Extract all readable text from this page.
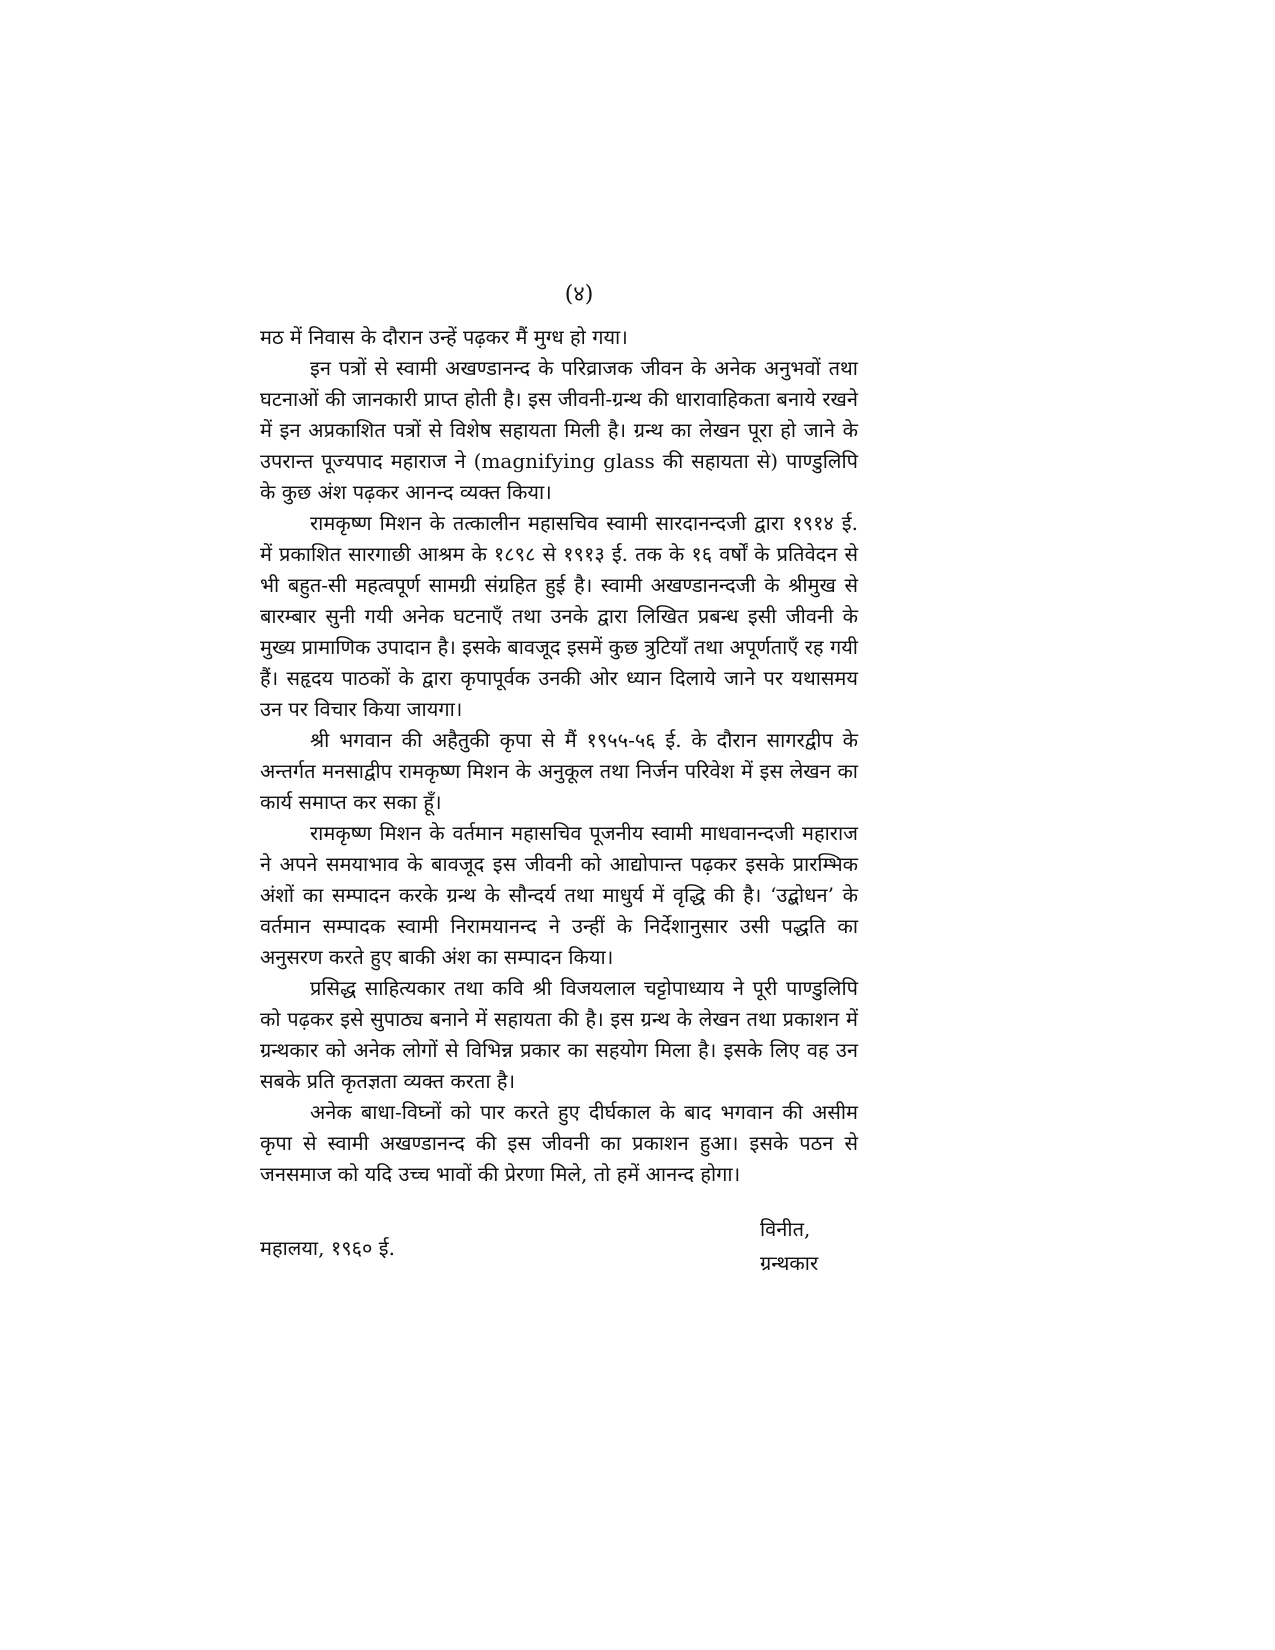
(४)

मठ में निवास के दौरान उन्हें पढ़कर मैं मुग्ध हो गया।

इन पत्रों से स्वामी अखण्डानन्द के परिव्राजक जीवन के अनेक अनुभवों तथा घटनाओं की जानकारी प्राप्त होती है। इस जीवनी-ग्रन्थ की धारावाहिकता बनाये रखने में इन अप्रकाशित पत्रों से विशेष सहायता मिली है। ग्रन्थ का लेखन पूरा हो जाने के उपरान्त पूज्यपाद महाराज ने (magnifying glass की सहायता से) पाण्डुलिपि के कुछ अंश पढ़कर आनन्द व्यक्त किया।

रामकृष्ण मिशन के तत्कालीन महासचिव स्वामी सारदानन्दजी द्वारा १९१४ ई. में प्रकाशित सारगाछी आश्रम के १८९८ से १९१३ ई. तक के १६ वर्षों के प्रतिवेदन से भी बहुत-सी महत्वपूर्ण सामग्री संग्रहित हुई है। स्वामी अखण्डानन्दजी के श्रीमुख से बारम्बार सुनी गयी अनेक घटनाएँ तथा उनके द्वारा लिखित प्रबन्ध इसी जीवनी के मुख्य प्रामाणिक उपादान है। इसके बावजूद इसमें कुछ त्रुटियाँ तथा अपूर्णताएँ रह गयी हैं। सहृदय पाठकों के द्वारा कृपापूर्वक उनकी ओर ध्यान दिलाये जाने पर यथासमय उन पर विचार किया जायगा।

श्री भगवान की अहैतुकी कृपा से मैं १९५५-५६ ई. के दौरान सागरद्वीप के अन्तर्गत मनसाद्वीप रामकृष्ण मिशन के अनुकूल तथा निर्जन परिवेश में इस लेखन का कार्य समाप्त कर सका हूँ।

रामकृष्ण मिशन के वर्तमान महासचिव पूजनीय स्वामी माधवानन्दजी महाराज ने अपने समयाभाव के बावजूद इस जीवनी को आद्योपान्त पढ़कर इसके प्रारम्भिक अंशों का सम्पादन करके ग्रन्थ के सौन्दर्य तथा माधुर्य में वृद्धि की है। ‘उद्बोधन’ के वर्तमान सम्पादक स्वामी निरामयानन्द ने उन्हीं के निर्देशानुसार उसी पद्धति का अनुसरण करते हुए बाकी अंश का सम्पादन किया।

प्रसिद्ध साहित्यकार तथा कवि श्री विजयलाल चट्टोपाध्याय ने पूरी पाण्डुलिपि को पढ़कर इसे सुपाठ्य बनाने में सहायता की है। इस ग्रन्थ के लेखन तथा प्रकाशन में ग्रन्थकार को अनेक लोगों से विभिन्न प्रकार का सहयोग मिला है। इसके लिए वह उन सबके प्रति कृतज्ञता व्यक्त करता है।

अनेक बाधा-विघ्नों को पार करते हुए दीर्घकाल के बाद भगवान की असीम कृपा से स्वामी अखण्डानन्द की इस जीवनी का प्रकाशन हुआ। इसके पठन से जनसमाज को यदि उच्च भावों की प्रेरणा मिले, तो हमें आनन्द होगा।

विनीत,
ग्रन्थकार
महालया, १९६० ई.
